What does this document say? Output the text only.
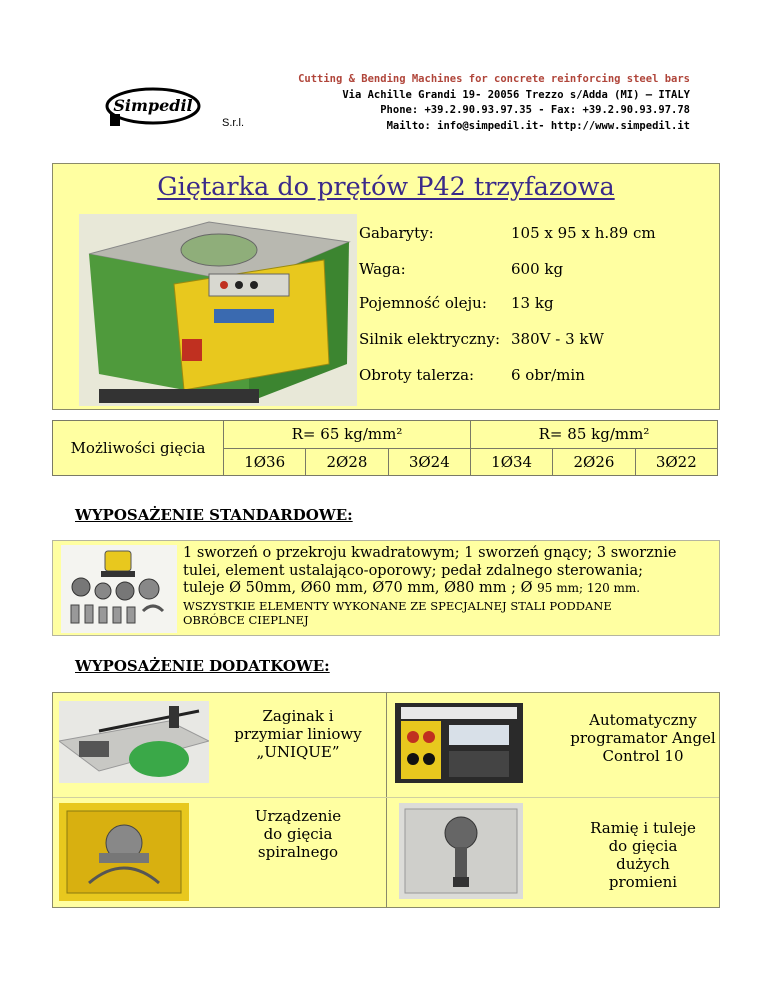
Simpedil
S.r.l.
Cutting & Bending Machines for concrete reinforcing steel bars
Via Achille Grandi 19- 20056 Trezzo s/Adda (MI) – ITALY
Phone: +39.2.90.93.97.35 - Fax: +39.2.90.93.97.78
Mailto: info@simpedil.it- http://www.simpedil.it
Giętarka do prętów P42 trzyfazowa
Gabaryty:	105 x 95 x h.89 cm
Waga:	600 kg
Pojemność oleju: 13 kg
Silnik elektryczny: 380V - 3 kW
Obroty talerza: 6 obr/min
Możliwości gięcia	R= 65 kg/mm²			R= 85 kg/mm²		
	1Ø36	2Ø28	3Ø24	1Ø34	2Ø26	3Ø22
WYPOSAŻENIE STANDARDOWE:
1 sworzeń o przekroju kwadratowym; 1 sworzeń gnący; 3 sworznie
tulei, element ustalająco-oporowy; pedał zdalnego sterowania;
tuleje Ø 50mm, Ø60 mm, Ø70 mm, Ø80 mm ; Ø 95 mm; 120 mm.
WSZYSTKIE ELEMENTY WYKONANE ZE SPECJALNEJ STALI PODDANE
OBRÓBCE CIEPLNEJ
WYPOSAŻENIE DODATKOWE:
Zaginak i
przymiar liniowy
„UNIQUE”
Automatyczny
programator Angel
Control 10
Urządzenie
do gięcia
spiralnego
Ramię i tuleje
do gięcia
dużych
promieni
